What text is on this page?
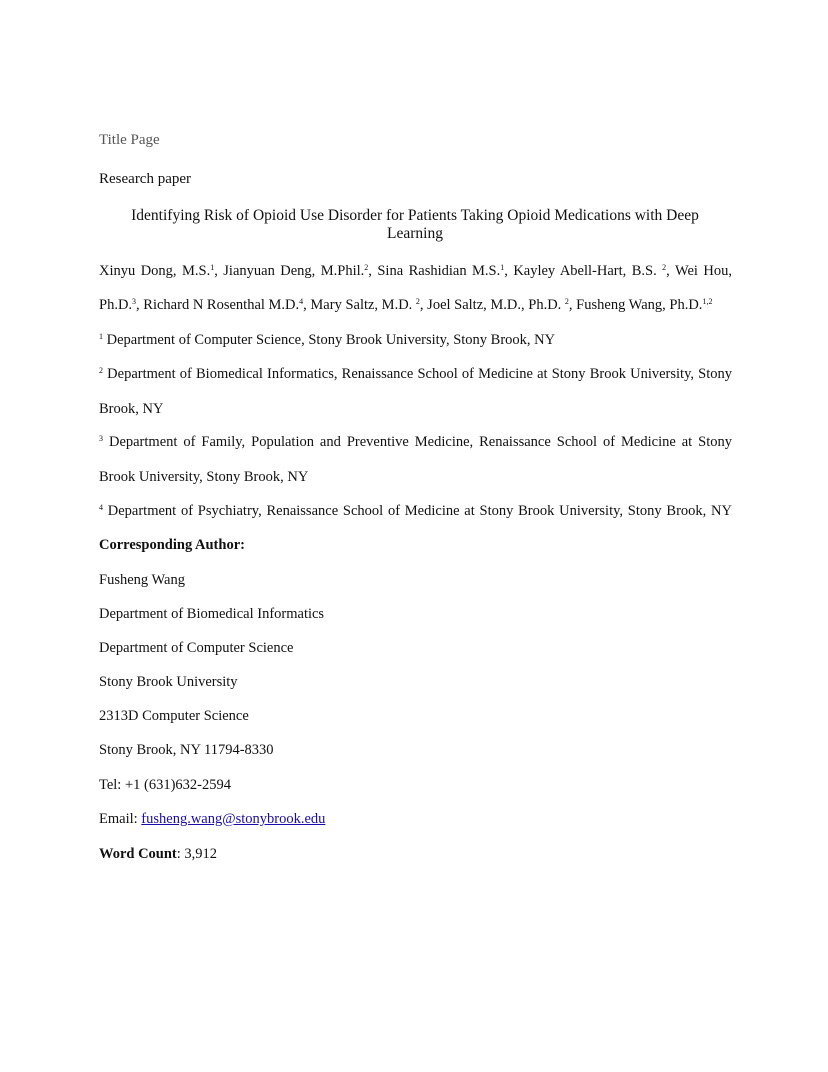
Title Page
Research paper
Identifying Risk of Opioid Use Disorder for Patients Taking Opioid Medications with Deep Learning
Xinyu Dong, M.S.$^1$, Jianyuan Deng, M.Phil.$^2$, Sina Rashidian M.S.$^1$, Kayley Abell-Hart, B.S. $^2$, Wei Hou,
Ph.D.$^3$, Richard N Rosenthal M.D.$^4$, Mary Saltz, M.D. $^2$, Joel Saltz, M.D., Ph.D. $^2$, Fusheng Wang, Ph.D.$^{1,2}$
$^1$ Department of Computer Science, Stony Brook University, Stony Brook, NY
$^2$ Department of Biomedical Informatics, Renaissance School of Medicine at Stony Brook University, Stony
Brook, NY
$^3$ Department of Family, Population and Preventive Medicine, Renaissance School of Medicine at Stony
Brook University, Stony Brook, NY
$^4$ Department of Psychiatry, Renaissance School of Medicine at Stony Brook University, Stony Brook, NY
Corresponding Author:
Fusheng Wang
Department of Biomedical Informatics
Department of Computer Science
Stony Brook University
2313D Computer Science
Stony Brook, NY 11794-8330
Tel: +1 (631)632-2594
Email: fusheng.wang@stonybrook.edu
Word Count: 3,912
